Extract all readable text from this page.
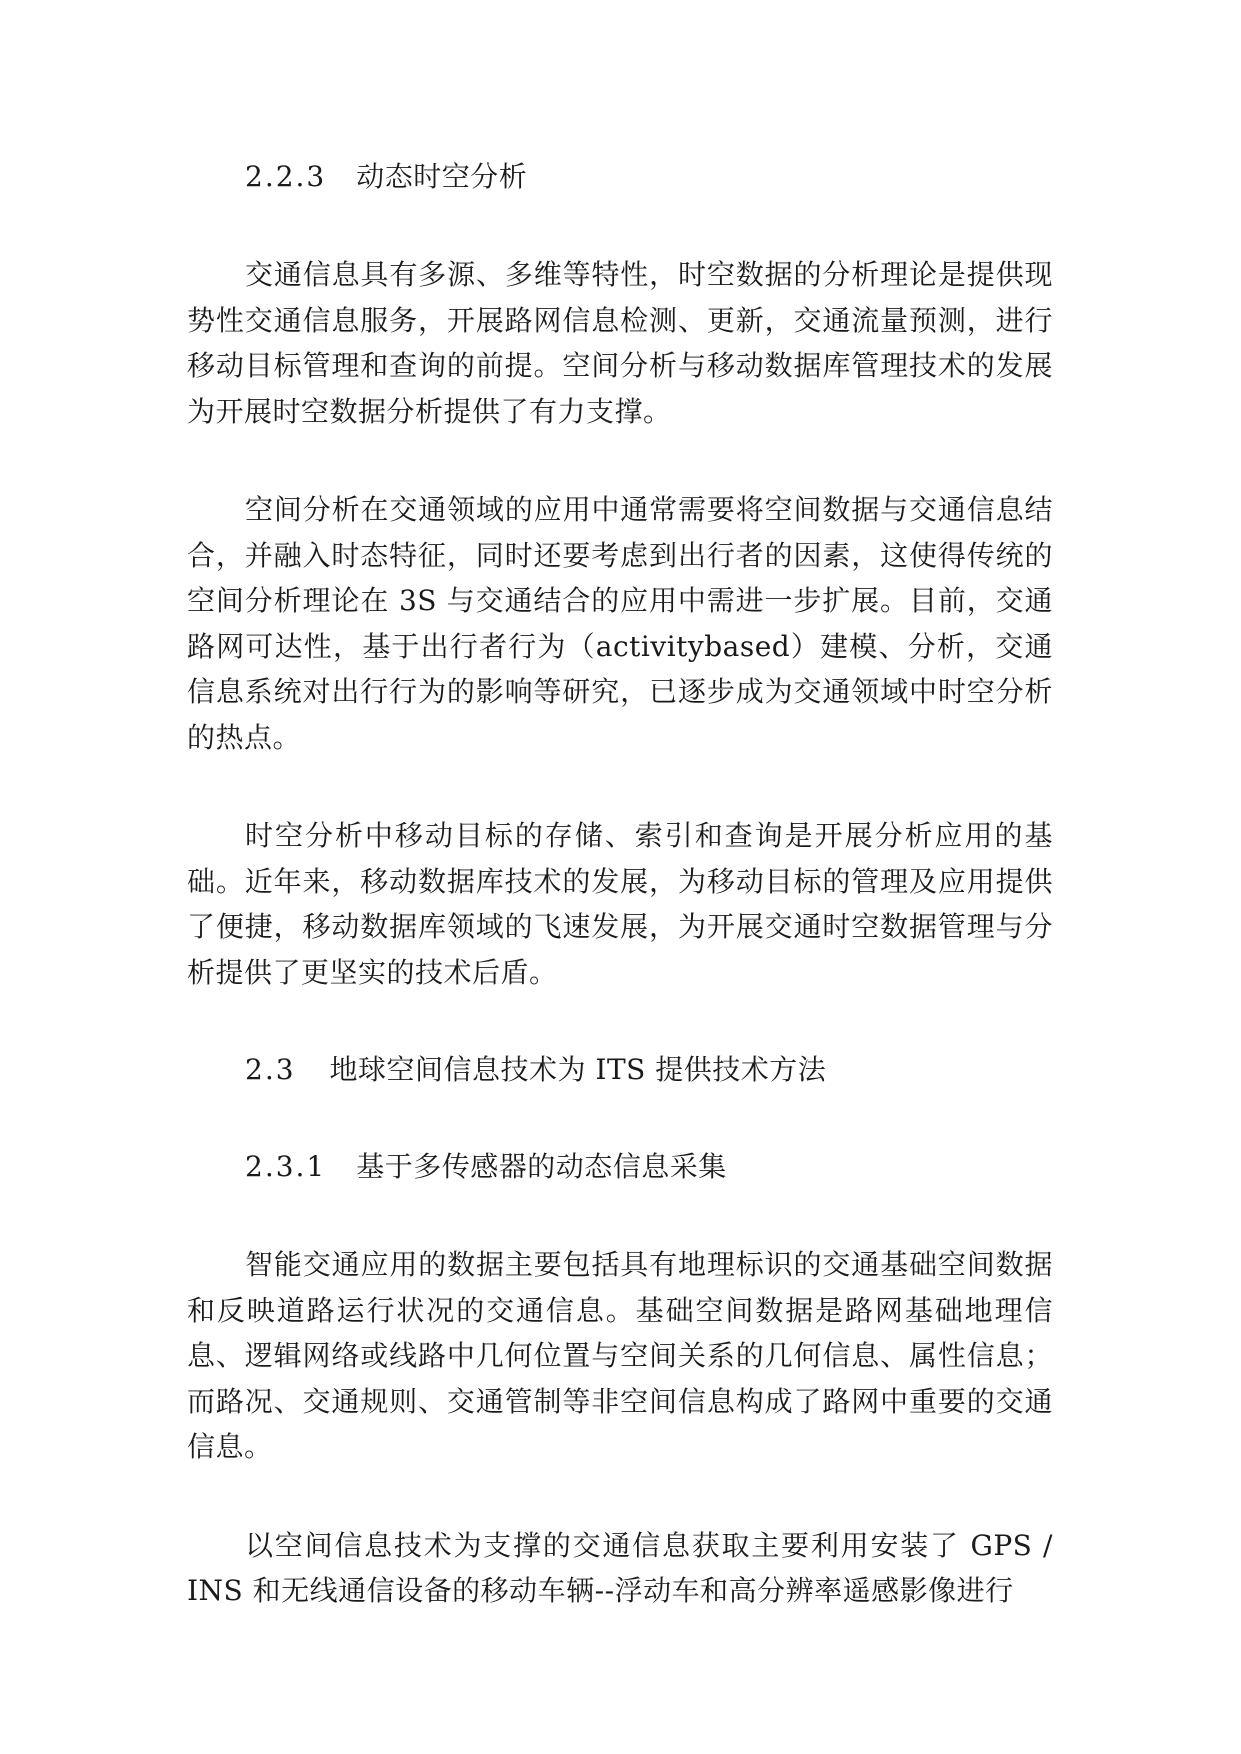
2.2.3 动态时空分析

交通信息具有多源、多维等特性，时空数据的分析理论是提供现势性交通信息服务，开展路网信息检测、更新，交通流量预测，进行移动目标管理和查询的前提。空间分析与移动数据库管理技术的发展为开展时空数据分析提供了有力支撑。

空间分析在交通领域的应用中通常需要将空间数据与交通信息结合，并融入时态特征，同时还要考虑到出行者的因素，这使得传统的空间分析理论在 3S 与交通结合的应用中需进一步扩展。目前，交通路网可达性，基于出行者行为（activitybased）建模、分析，交通信息系统对出行行为的影响等研究，已逐步成为交通领域中时空分析的热点。

时空分析中移动目标的存储、索引和查询是开展分析应用的基础。近年来，移动数据库技术的发展，为移动目标的管理及应用提供了便捷，移动数据库领域的飞速发展，为开展交通时空数据管理与分析提供了更坚实的技术后盾。

2.3 地球空间信息技术为 ITS 提供技术方法
2.3.1 基于多传感器的动态信息采集

智能交通应用的数据主要包括具有地理标识的交通基础空间数据和反映道路运行状况的交通信息。基础空间数据是路网基础地理信息、逻辑网络或线路中几何位置与空间关系的几何信息、属性信息；而路况、交通规则、交通管制等非空间信息构成了路网中重要的交通信息。

以空间信息技术为支撑的交通信息获取主要利用安装了 GPS / INS 和无线通信设备的移动车辆--浮动车和高分辨率遥感影像进行
